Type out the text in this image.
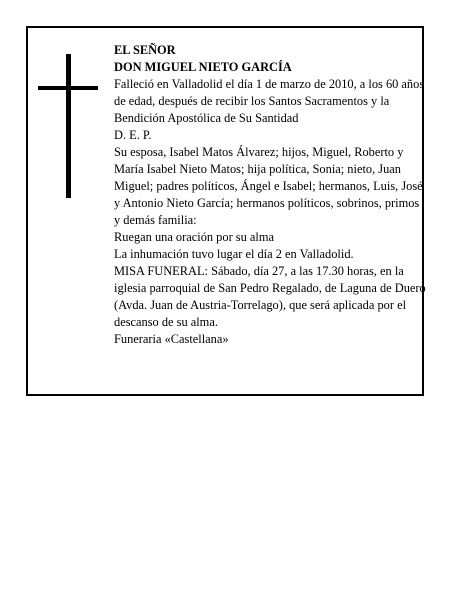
EL SEÑOR

DON MIGUEL NIETO GARCÍA

Falleció en Valladolid el día 1 de marzo de 2010, a los 60 años de edad, después de recibir los Santos Sacramentos y la Bendición Apostólica de Su Santidad

D. E. P.

Su esposa, Isabel Matos Álvarez; hijos, Miguel, Roberto y María Isabel Nieto Matos; hija política, Sonia; nieto, Juan Miguel; padres políticos, Ángel e Isabel; hermanos, Luis, José y Antonio Nieto García; hermanos políticos, sobrinos, primos y demás familia:

Ruegan una oración por su alma

La inhumación tuvo lugar el día 2 en Valladolid.

MISA FUNERAL: Sábado, día 27, a las 17.30 horas, en la iglesia parroquial de San Pedro Regalado, de Laguna de Duero (Avda. Juan de Austria-Torrelago), que será aplicada por el descanso de su alma.

Funeraria «Castellana»
